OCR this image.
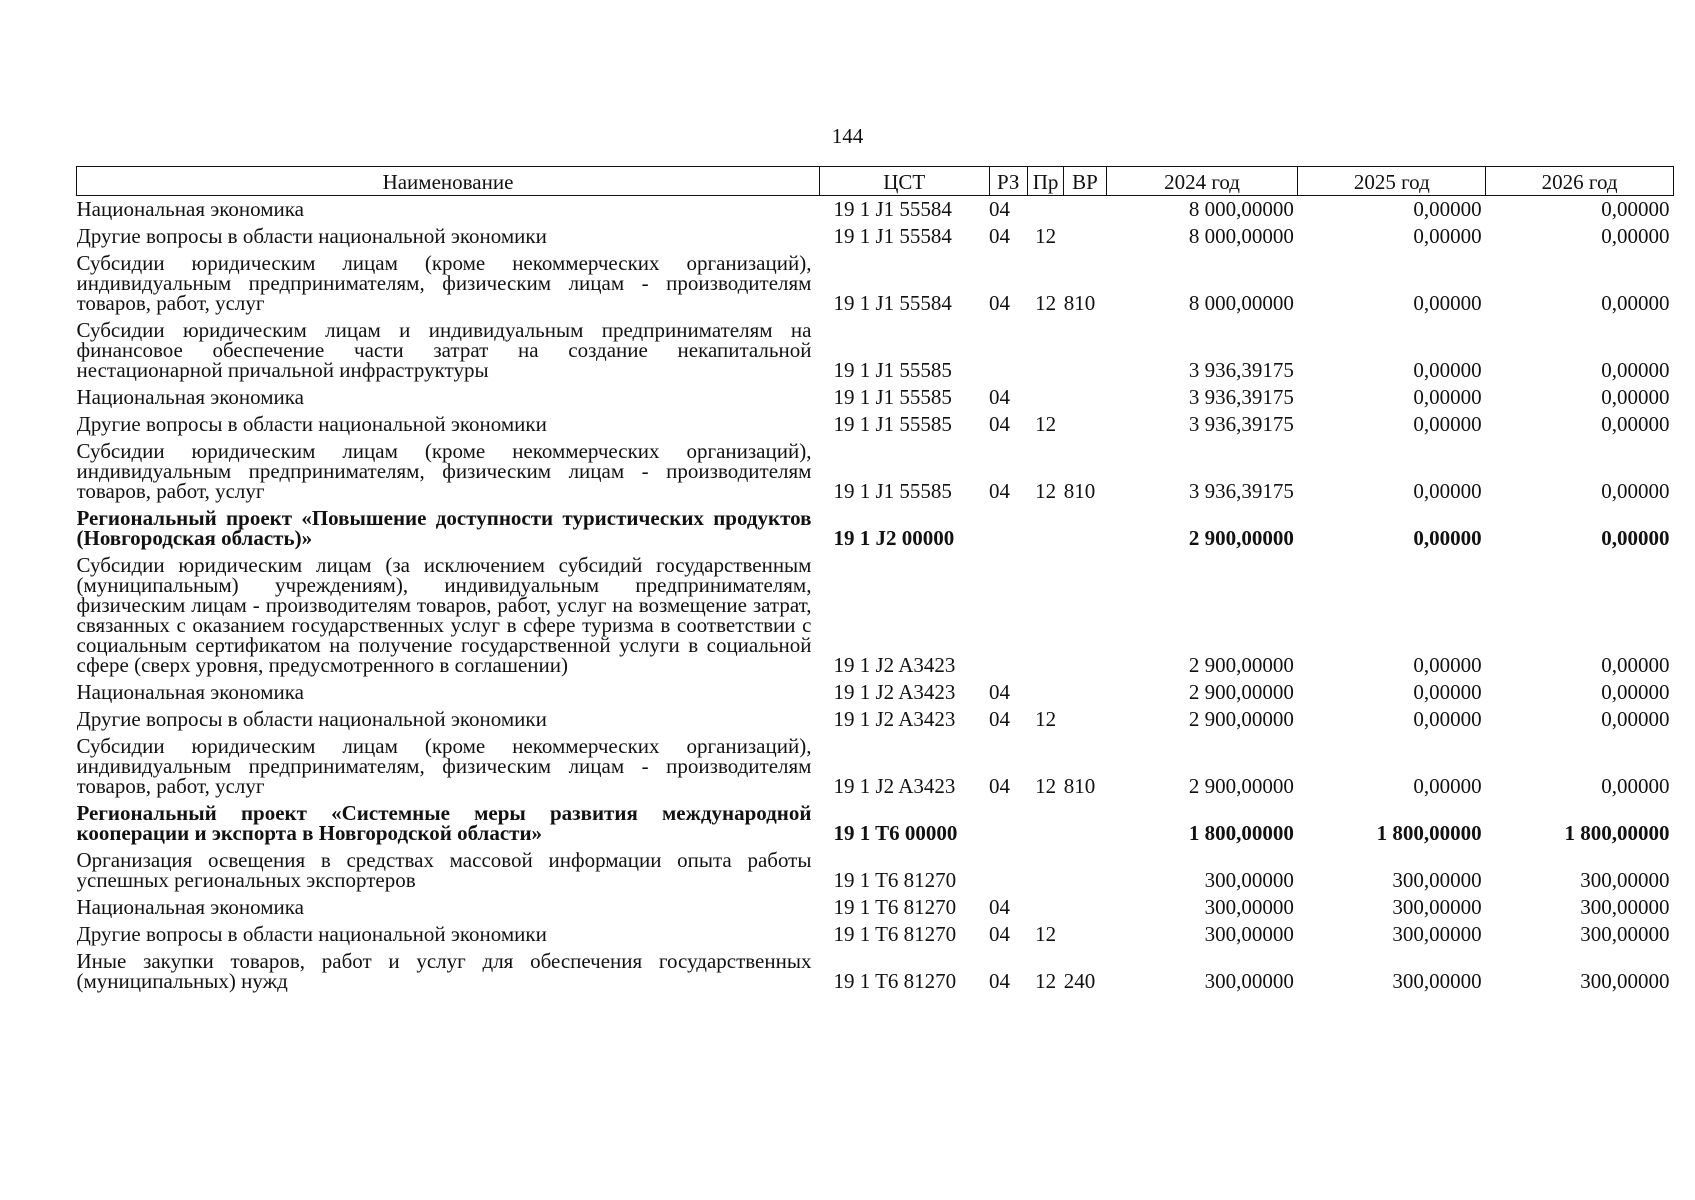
144
Наименование	ЦСТ	РЗ	Пр	ВР	2024 год	2025 год	2026 год
Национальная экономика	19 1 J1 55584	04			8 000,00000	0,00000	0,00000
Другие вопросы в области национальной экономики	19 1 J1 55584	04	12		8 000,00000	0,00000	0,00000
Субсидии юридическим лицам (кроме некоммерческих организаций), индивидуальным предпринимателям, физическим лицам - производителям товаров, работ, услуг	19 1 J1 55584	04	12	810	8 000,00000	0,00000	0,00000
Субсидии юридическим лицам и индивидуальным предпринимателям на финансовое обеспечение части затрат на создание некапитальной нестационарной причальной инфраструктуры	19 1 J1 55585				3 936,39175	0,00000	0,00000
Национальная экономика	19 1 J1 55585	04			3 936,39175	0,00000	0,00000
Другие вопросы в области национальной экономики	19 1 J1 55585	04	12		3 936,39175	0,00000	0,00000
Субсидии юридическим лицам (кроме некоммерческих организаций), индивидуальным предпринимателям, физическим лицам - производителям товаров, работ, услуг	19 1 J1 55585	04	12	810	3 936,39175	0,00000	0,00000
Региональный проект «Повышение доступности туристических продуктов (Новгородская область)»	19 1 J2 00000				2 900,00000	0,00000	0,00000
Субсидии юридическим лицам (за исключением субсидий государственным (муниципальным) учреждениям), индивидуальным предпринимателям, физическим лицам - производителям товаров, работ, услуг на возмещение затрат, связанных с оказанием государственных услуг в сфере туризма в соответствии с социальным сертификатом на получение государственной услуги в социальной сфере (сверх уровня, предусмотренного в соглашении)	19 1 J2 A3423				2 900,00000	0,00000	0,00000
Национальная экономика	19 1 J2 A3423	04			2 900,00000	0,00000	0,00000
Другие вопросы в области национальной экономики	19 1 J2 A3423	04	12		2 900,00000	0,00000	0,00000
Субсидии юридическим лицам (кроме некоммерческих организаций), индивидуальным предпринимателям, физическим лицам - производителям товаров, работ, услуг	19 1 J2 A3423	04	12	810	2 900,00000	0,00000	0,00000
Региональный проект «Системные меры развития международной кооперации и экспорта в Новгородской области»	19 1 T6 00000				1 800,00000	1 800,00000	1 800,00000
Организация освещения в средствах массовой информации опыта работы успешных региональных экспортеров	19 1 T6 81270				300,00000	300,00000	300,00000
Национальная экономика	19 1 T6 81270	04			300,00000	300,00000	300,00000
Другие вопросы в области национальной экономики	19 1 T6 81270	04	12		300,00000	300,00000	300,00000
Иные закупки товаров, работ и услуг для обеспечения государственных (муниципальных) нужд	19 1 T6 81270	04	12	240	300,00000	300,00000	300,00000
